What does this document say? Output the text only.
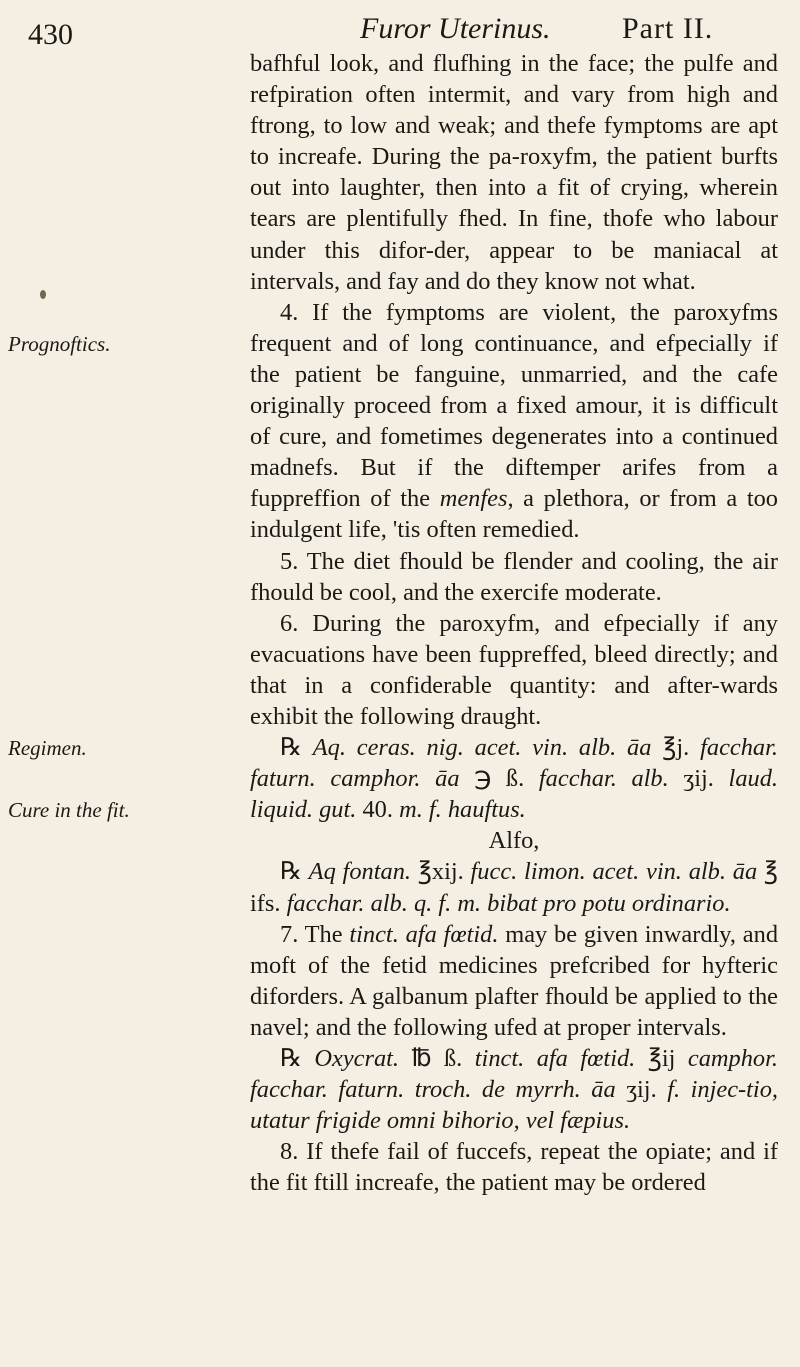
430	Furor Uterinus. Part II.
Prognoftics.
Regimen.
Cure in the fit.

bafhful look, and flufhing in the face; the pulfe and refpiration often intermit, and vary from high and ftrong, to low and weak; and thefe fymptoms are apt to increafe. During the pa-roxyfm, the patient burfts out into laughter, then into a fit of crying, wherein tears are plentifully fhed. In fine, thofe who labour under this difor-der, appear to be maniacal at intervals, and fay and do they know not what.

4. If the fymptoms are violent, the paroxyfms frequent and of long continuance, and efpecially if the patient be fanguine, unmarried, and the cafe originally proceed from a fixed amour, it is difficult of cure, and fometimes degenerates into a continued madnefs. But if the diftemper arifes from a fuppreffion of the menfes, a plethora, or from a too indulgent life, 'tis often remedied.

5. The diet fhould be flender and cooling, the air fhould be cool, and the exercife moderate.

6. During the paroxyfm, and efpecially if any evacuations have been fuppreffed, bleed directly; and that in a confiderable quantity: and after-wards exhibit the following draught.

℞ Aq. ceras. nig. acet. vin. alb. āa ℥j. facchar. faturn. camphor. āa ℈ ß. facchar. alb. ʒij. laud. liquid. gut. 40. m. f. hauftus.

Alfo,

℞ Aq fontan. ℥xij. fucc. limon. acet. vin. alb. āa ℥ ifs. facchar. alb. q. f. m. bibat pro potu ordinario.

7. The tinct. afa fœtid. may be given inwardly, and moft of the fetid medicines prefcribed for hyfteric diforders. A galbanum plafter fhould be applied to the navel; and the following ufed at proper intervals.

℞ Oxycrat. ℔ ß. tinct. afa fœtid. ℥ij camphor. facchar. faturn. troch. de myrrh. āa ʒij. f. injec-tio, utatur frigide omni bihorio, vel fæpius.

8. If thefe fail of fuccefs, repeat the opiate; and if the fit ftill increafe, the patient may be ordered
